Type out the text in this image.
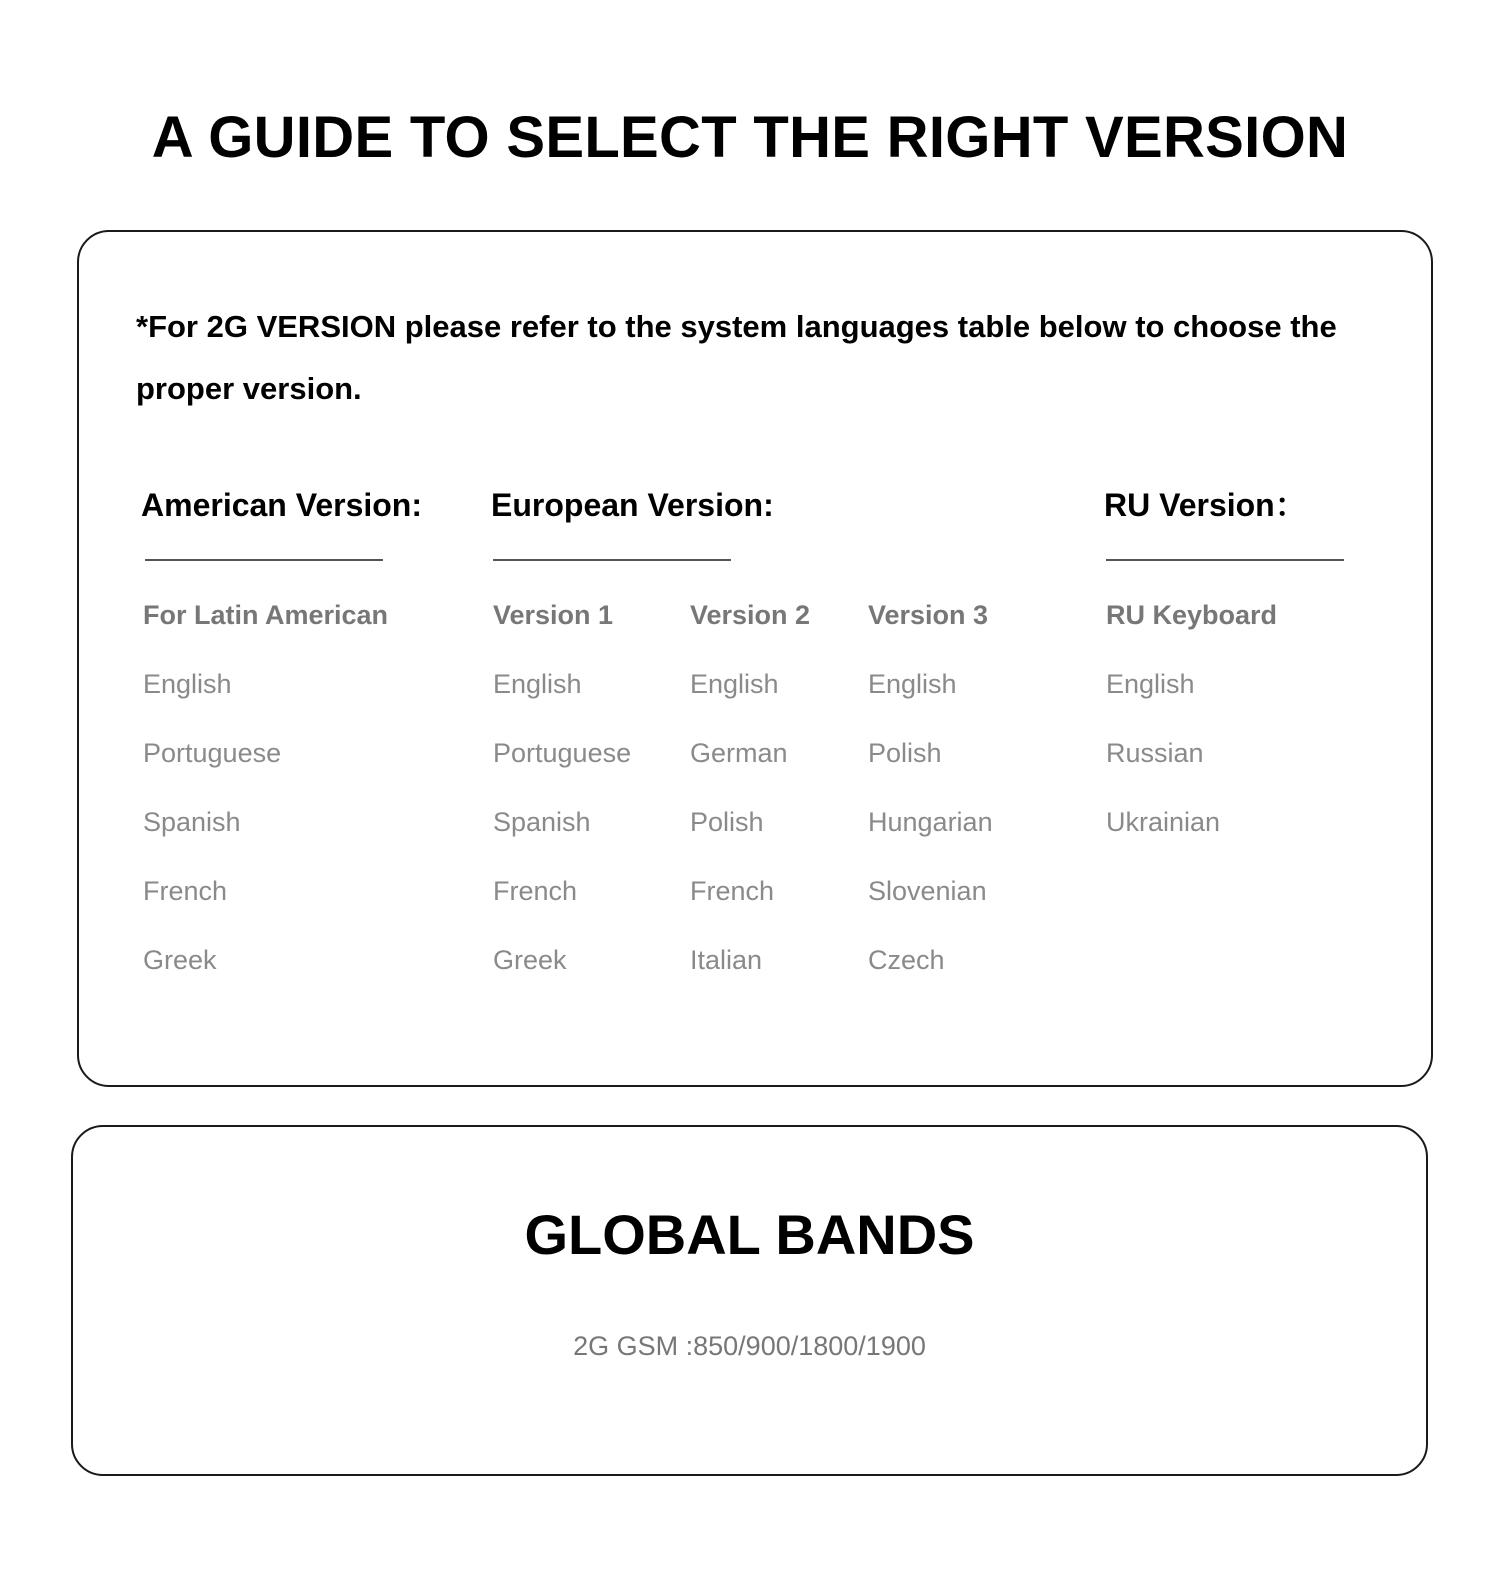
A GUIDE TO SELECT THE RIGHT VERSION

*For 2G VERSION please refer to the system languages table below to choose the proper version.

American Version:
For Latin American
English
Portuguese
Spanish
French
Greek
European Version:
Version 1
English
Portuguese
Spanish
French
Greek
Version 2
English
German
Polish
French
Italian
Version 3
English
Polish
Hungarian
Slovenian
Czech
RU Version：
RU Keyboard
English
Russian
Ukrainian
GLOBAL BANDS
2G GSM :850/900/1800/1900
